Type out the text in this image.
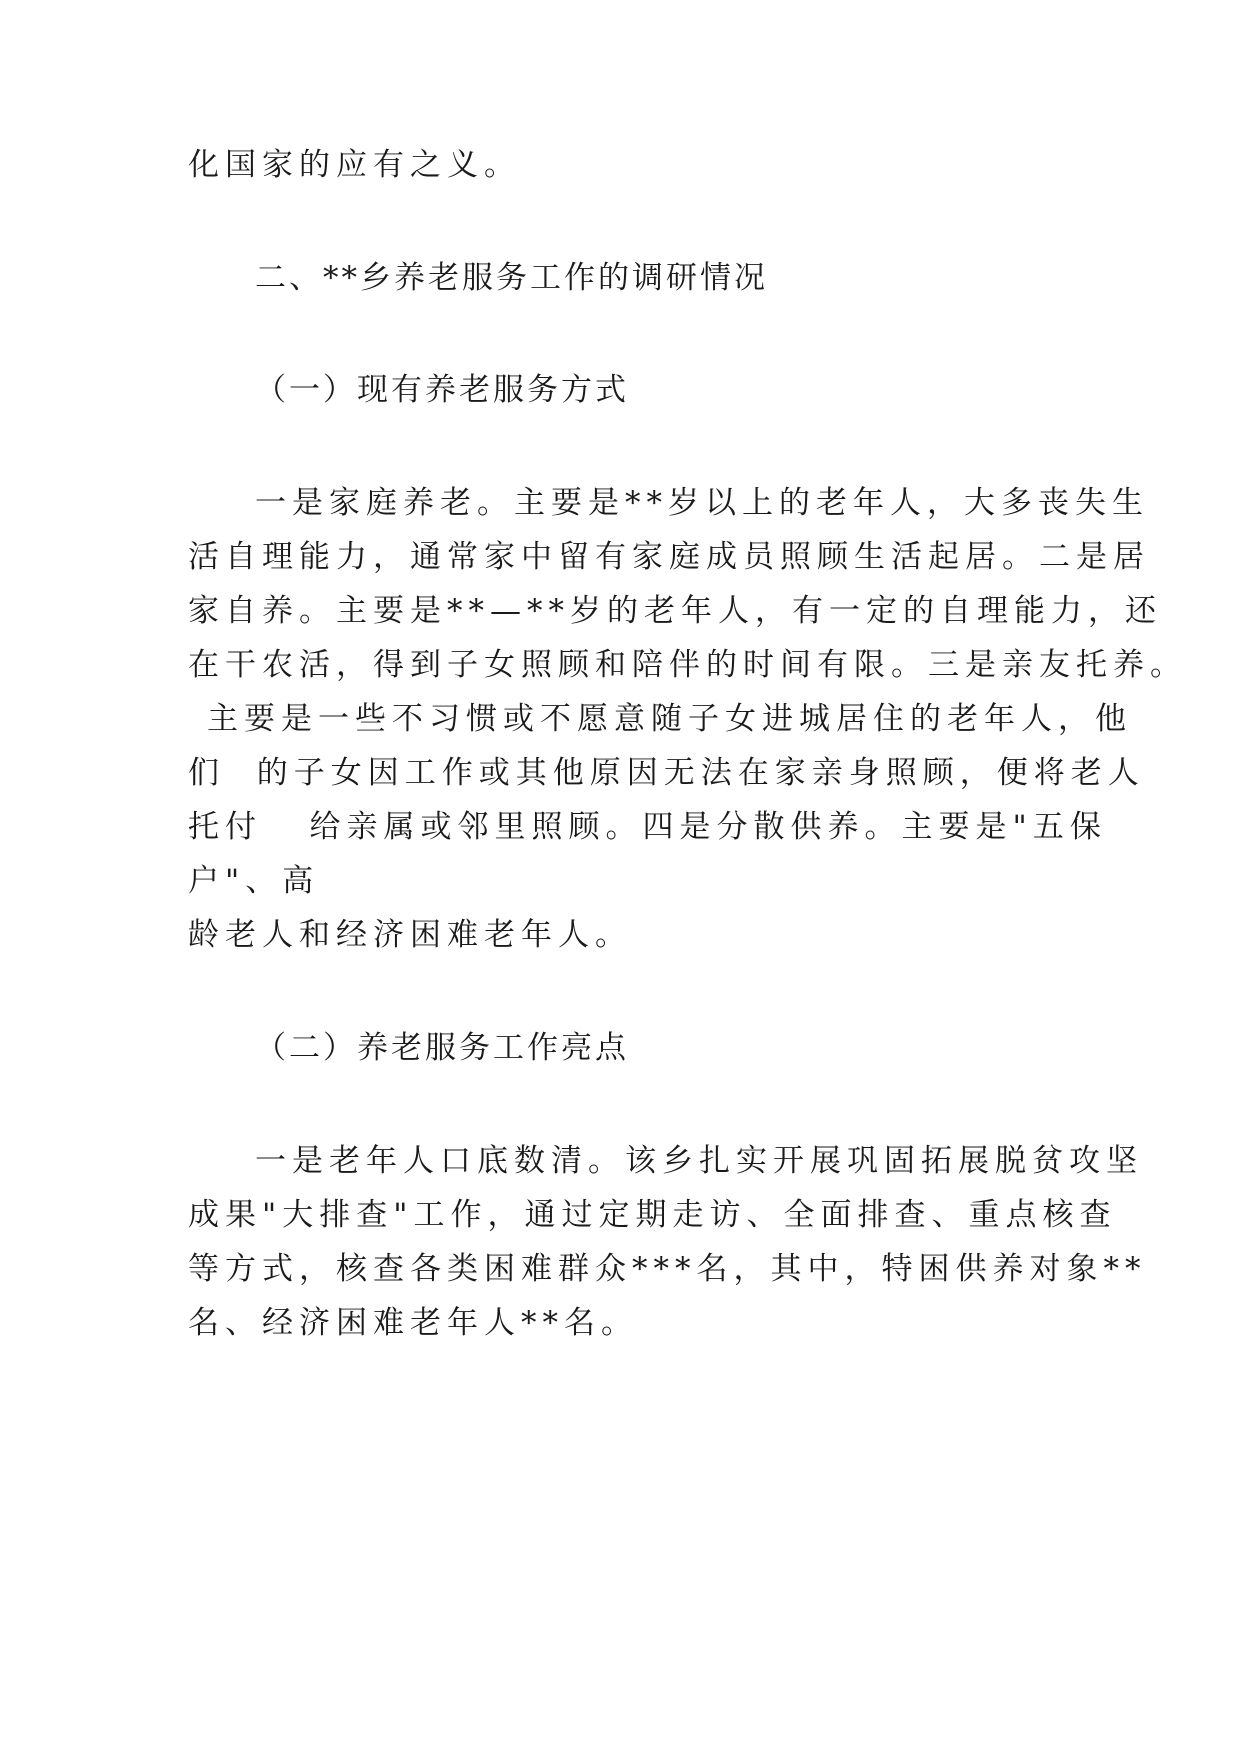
化国家的应有之义。

二、**乡养老服务工作的调研情况

（一）现有养老服务方式

一是家庭养老。主要是**岁以上的老年人，大多丧失生

活自理能力，通常家中留有家庭成员照顾生活起居。二是居

家自养。主要是**—**岁的老年人，有一定的自理能力，还

在干农活，得到子女照顾和陪伴的时间有限。三是亲友托养。

主要是一些不习惯或不愿意随子女进城居住的老年人，他

们  的子女因工作或其他原因无法在家亲身照顾，便将老人

托付   给亲属或邻里照顾。四是分散供养。主要是"五保

户"、高

龄老人和经济困难老年人。

（二）养老服务工作亮点

一是老年人口底数清。该乡扎实开展巩固拓展脱贫攻坚

成果"大排查"工作，通过定期走访、全面排查、重点核查

等方式，核查各类困难群众***名，其中，特困供养对象**

名、经济困难老年人**名。
